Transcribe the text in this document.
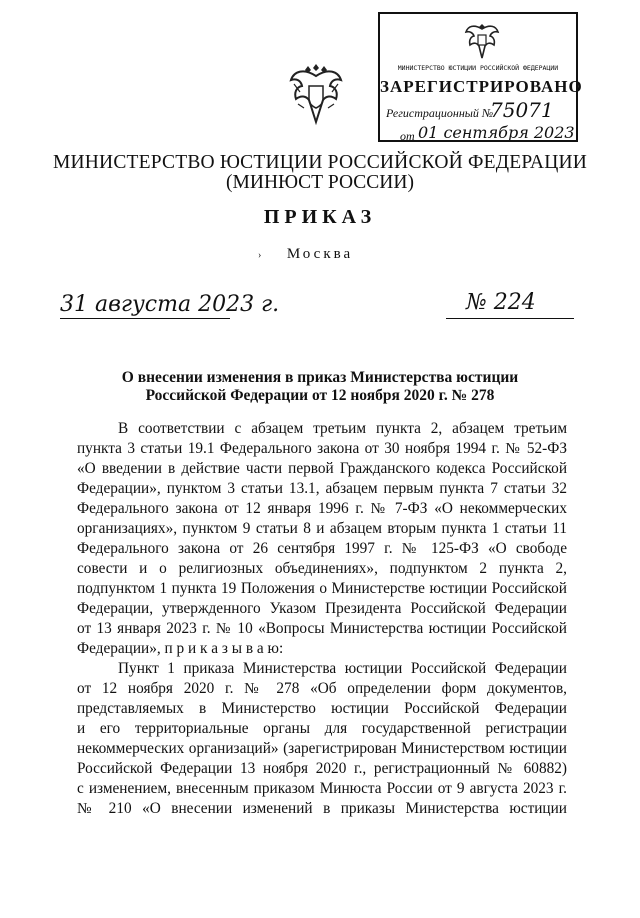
МИНИСТЕРСТВО ЮСТИЦИИ РОССИЙСКОЙ ФЕДЕРАЦИИ
ЗАРЕГИСТРИРОВАНО
Регистрационный №
75071
от 01 сентября 2023
МИНИСТЕРСТВО ЮСТИЦИИ РОССИЙСКОЙ ФЕДЕРАЦИИ
(МИНЮСТ РОССИИ)
ПРИКАЗ
›	Москва
31 августа 2023 г.	№ 224
О внесении изменения в приказ Министерства юстиции
Российской Федерации от 12 ноября 2020 г. № 278
В соответствии с абзацем третьим пункта 2, абзацем третьим
пункта 3 статьи 19.1 Федерального закона от 30 ноября 1994 г. № 52-ФЗ
«О введении в действие части первой Гражданского кодекса Российской
Федерации», пунктом 3 статьи 13.1, абзацем первым пункта 7 статьи 32
Федерального закона от 12 января 1996 г. № 7-ФЗ «О некоммерческих
организациях», пунктом 9 статьи 8 и абзацем вторым пункта 1 статьи 11
Федерального закона от 26 сентября 1997 г. № 125-ФЗ «О свободе
совести и о религиозных объединениях», подпунктом 2 пункта 2,
подпунктом 1 пункта 19 Положения о Министерстве юстиции Российской
Федерации, утвержденного Указом Президента Российской Федерации
от 13 января 2023 г. № 10 «Вопросы Министерства юстиции Российской
Федерации», п р и к а з ы в а ю:
Пункт 1 приказа Министерства юстиции Российской Федерации
от 12 ноября 2020 г. № 278 «Об определении форм документов,
представляемых в Министерство юстиции Российской Федерации
и его территориальные органы для государственной регистрации
некоммерческих организаций» (зарегистрирован Министерством юстиции
Российской Федерации 13 ноября 2020 г., регистрационный № 60882)
с изменением, внесенным приказом Минюста России от 9 августа 2023 г.
№ 210 «О внесении изменений в приказы Министерства юстиции
